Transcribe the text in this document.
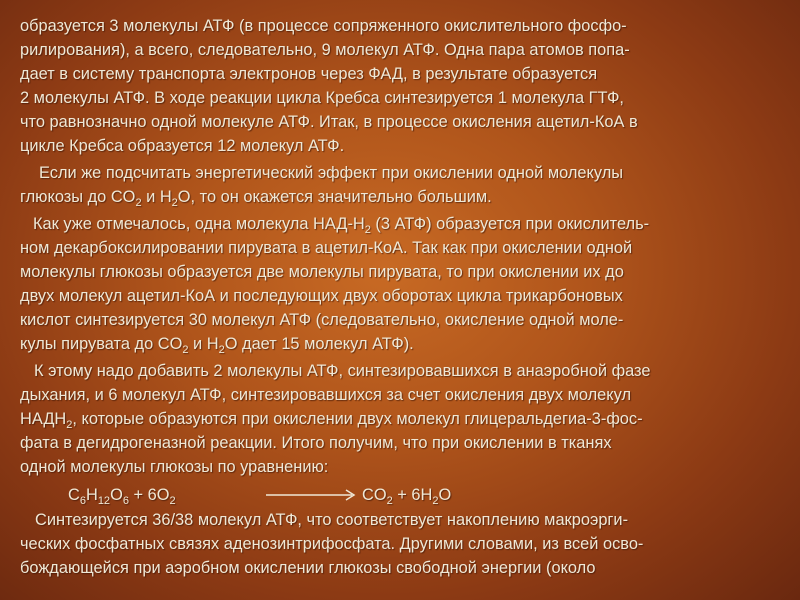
образуется 3 молекулы АТФ (в процессе сопряженного окислительного фосфо-
рилирования), а всего, следовательно, 9 молекул АТФ. Одна пара атомов попа-
дает в систему транспорта электронов через ФАД, в результате образуется
2 молекулы АТФ. В ходе реакции цикла Кребса синтезируется 1 молекула ГТФ,
что равнозначно одной молекуле АТФ. Итак, в процессе окисления ацетил-КоА в
цикле Кребса образуется 12 молекул АТФ.
Если же подсчитать энергетический эффект при окислении одной молекулы
глюкозы до $CO_2$ и $H_2O$, то он окажется значительно большим.
Как уже отмечалось, одна молекула НАД-$Н_2$ (3 АТФ) образуется при окислитель-
ном декарбоксилировании пирувата в ацетил-КоА. Так как при окислении одной
молекулы глюкозы образуется две молекулы пирувата, то при окислении их до
двух молекул ацетил-КоА и последующих двух оборотах цикла трикарбоновых
кислот синтезируется 30 молекул АТФ (следовательно, окисление одной моле-
кулы пирувата до $CO_2$ и $H_2O$ дает 15 молекул АТФ).
К этому надо добавить 2 молекулы АТФ, синтезировавшихся в анаэробной фазе
дыхания, и 6 молекул АТФ, синтезировавшихся за счет окисления двух молекул
$НАДН_2$, которые образуются при окислении двух молекул глицеральдегиа-3-фос-
фата в дегидрогеназной реакции. Итого получим, что при окислении в тканях
одной молекулы глюкозы по уравнению:
Синтезируется 36/38 молекул АТФ, что соответствует накоплению макроэрги-
ческих фосфатных связях аденозинтрифосфата. Другими словами, из всей осво-
бождающейся при аэробном окислении глюкозы свободной энергии (около
$C_6H_{12}O_6 + 6O_2$	$CO_2 + 6H_2O$
